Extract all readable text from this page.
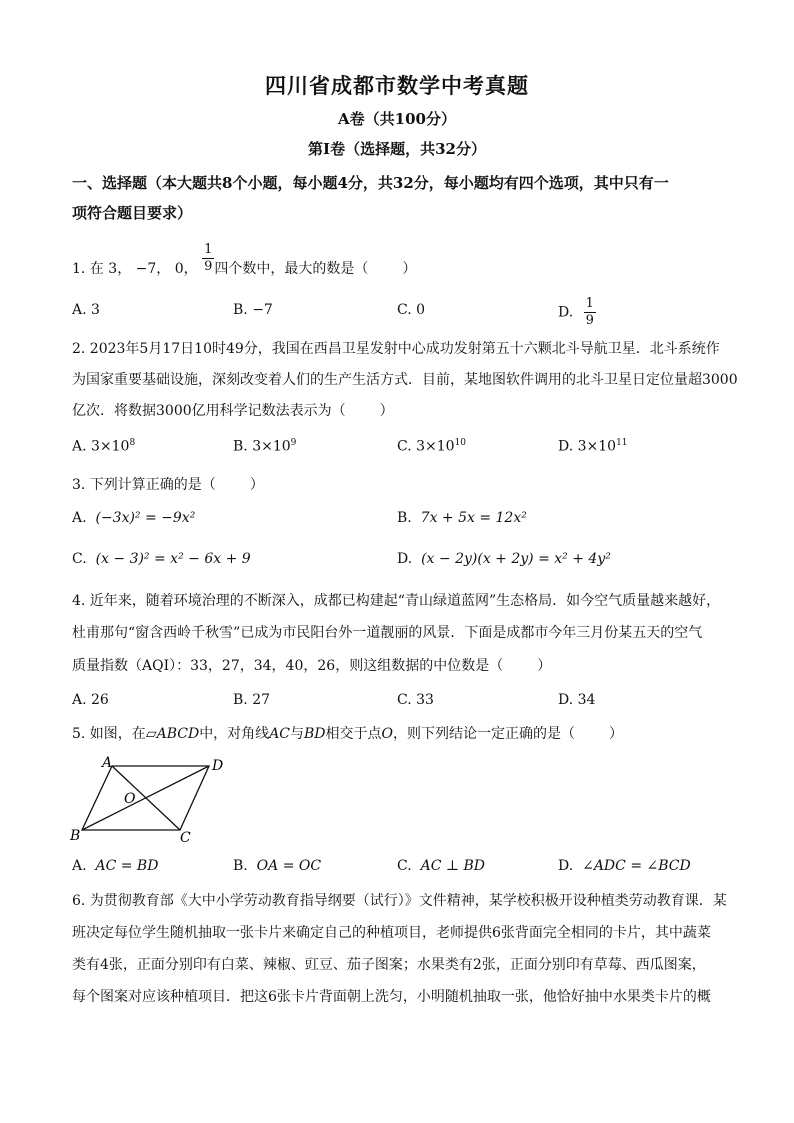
四川省成都市数学中考真题
A卷（共100分）
第I卷（选择题，共32分）
一、选择题（本大题共8个小题，每小题4分，共32分，每小题均有四个选项，其中只有一
项符合题目要求）
1. 在 3， −7， 0， $\frac{1}{9}$ 四个数中，最大的数是（ ）
A. 3	B. −7	C. 0	D. $\frac{1}{9}$
2. 2023年5月17日10时49分，我国在西昌卫星发射中心成功发射第五十六颗北斗导航卫星．北斗系统作
为国家重要基础设施，深刻改变着人们的生产生活方式．目前，某地图软件调用的北斗卫星日定位量超3000
亿次．将数据3000亿用科学记数法表示为（ ）
A. $3\times 10^8$	B. $3\times 10^9$	C. $3\times 10^{10}$	D. $3\times 10^{11}$
3. 下列计算正确的是（ ）
A. (−3x)² = −9x²	B. 7x + 5x = 12x²
C. (x − 3)² = x² − 6x + 9	D. (x − 2y)(x + 2y) = x² + 4y²
4. 近年来，随着环境治理的不断深入，成都已构建起“青山绿道蓝网”生态格局．如今空气质量越来越好，
杜甫那句“窗含西岭千秋雪”已成为市民阳台外一道靓丽的风景．下面是成都市今年三月份某五天的空气
质量指数（AQI）：33，27，34，40，26，则这组数据的中位数是（ ）
A. 26	B. 27	C. 33	D. 34
5. 如图，在▱ABCD中，对角线AC与BD相交于点O，则下列结论一定正确的是（ ）
A	D
B	C
O
A. AC = BD	B. OA = OC	C. AC ⊥ BD	D. ∠ADC = ∠BCD
6. 为贯彻教育部《大中小学劳动教育指导纲要（试行）》文件精神，某学校积极开设种植类劳动教育课．某
班决定每位学生随机抽取一张卡片来确定自己的种植项目，老师提供6张背面完全相同的卡片，其中蔬菜
类有4张，正面分别印有白菜、辣椒、豇豆、茄子图案；水果类有2张，正面分别印有草莓、西瓜图案，
每个图案对应该种植项目．把这6张卡片背面朝上洗匀，小明随机抽取一张，他恰好抽中水果类卡片的概
